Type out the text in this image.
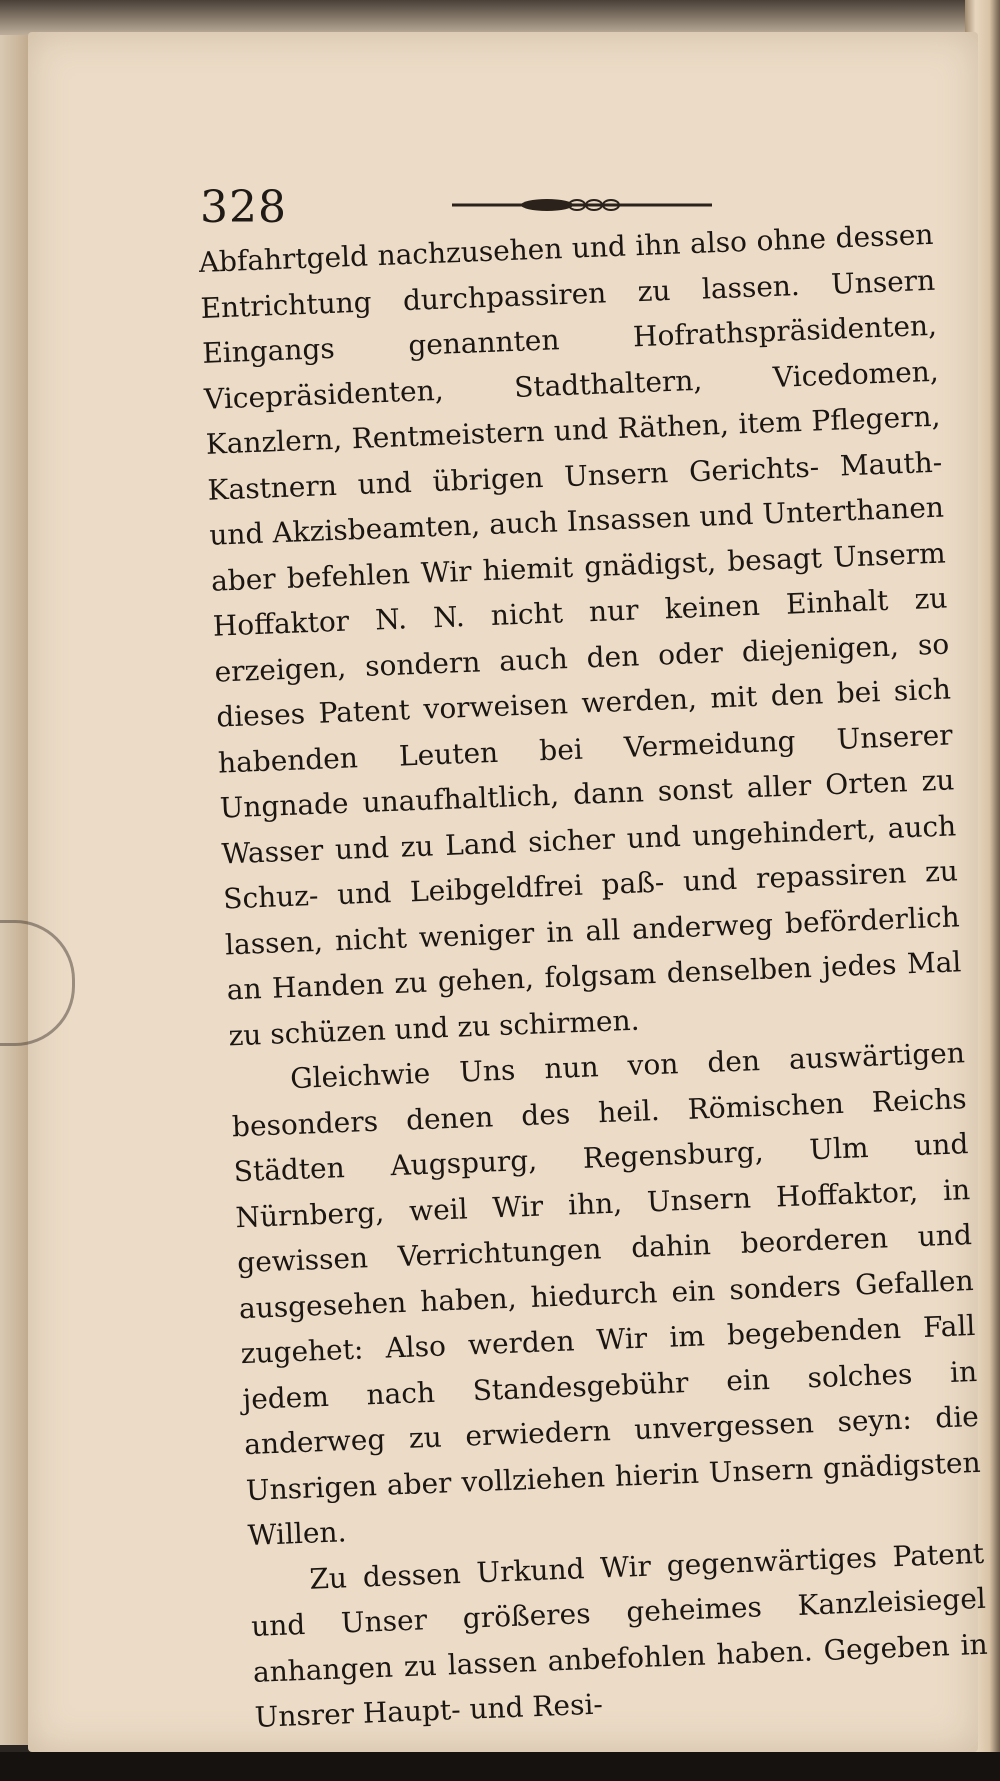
328

Abfahrtgeld nachzusehen und ihn also ohne dessen Entrichtung durchpassiren zu lassen. Unsern Eingangs genannten Hofrathspräsidenten, Vicepräsidenten, Stadthaltern, Vicedomen, Kanzlern, Rentmeistern und Räthen, item Pflegern, Kastnern und übrigen Unsern Gerichts- Mauth- und Akzisbeamten, auch Insassen und Unterthanen aber befehlen Wir hiemit gnädigst, besagt Unserm Hoffaktor N. N. nicht nur keinen Einhalt zu erzeigen, sondern auch den oder diejenigen, so dieses Patent vorweisen werden, mit den bei sich habenden Leuten bei Vermeidung Unserer Ungnade unaufhaltlich, dann sonst aller Orten zu Wasser und zu Land sicher und ungehindert, auch Schuz- und Leibgeldfrei paß- und repassiren zu lassen, nicht weniger in all anderweg beförderlich an Handen zu gehen, folgsam denselben jedes Mal zu schüzen und zu schirmen.

Gleichwie Uns nun von den auswärtigen besonders denen des heil. Römischen Reichs Städten Augspurg, Regensburg, Ulm und Nürnberg, weil Wir ihn, Unsern Hoffaktor, in gewissen Verrichtungen dahin beorderen und ausgesehen haben, hiedurch ein sonders Gefallen zugehet: Also werden Wir im begebenden Fall jedem nach Standesgebühr ein solches in anderweg zu erwiedern unvergessen seyn: die Unsrigen aber vollziehen hierin Unsern gnädigsten Willen.

Zu dessen Urkund Wir gegenwärtiges Patent und Unser größeres geheimes Kanzleisiegel anhangen zu lassen anbefohlen haben. Gegeben in Unsrer Haupt- und Resi-
